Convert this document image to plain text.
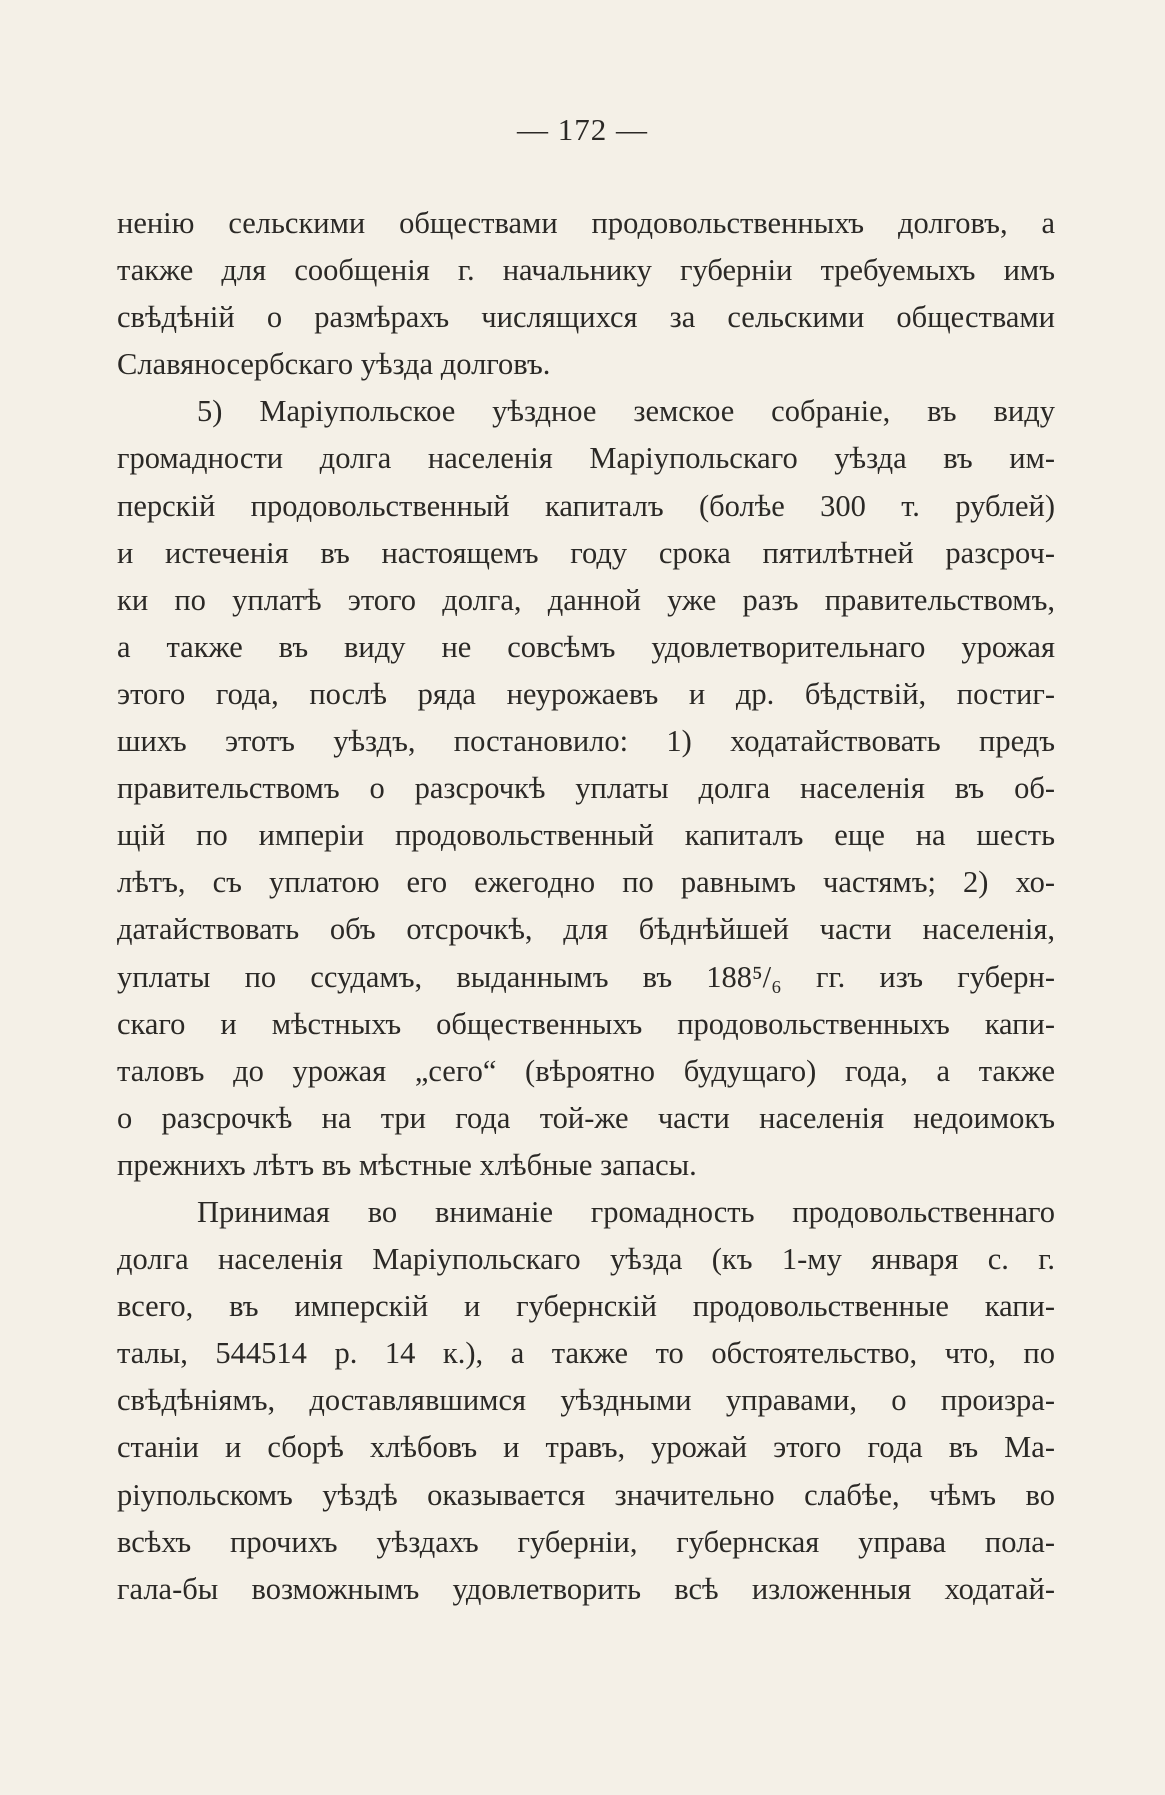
— 172 —
ненію сельскими обществами продовольственныхъ долговъ, а
также для сообщенія г. начальнику губерніи требуемыхъ имъ
свѣдѣній о размѣрахъ числящихся за сельскими обществами
Славяносербскаго уѣзда долговъ.
5) Маріупольское уѣздное земское собраніе, въ виду
громадности долга населенія Маріупольскаго уѣзда въ им-
перскій продовольственный капиталъ (болѣе 300 т. рублей)
и истеченія въ настоящемъ году срока пятилѣтней разсроч-
ки по уплатѣ этого долга, данной уже разъ правительствомъ,
а также въ виду не совсѣмъ удовлетворительнаго урожая
этого года, послѣ ряда неурожаевъ и др. бѣдствій, постиг-
шихъ этотъ уѣздъ, постановило: 1) ходатайствовать предъ
правительствомъ о разсрочкѣ уплаты долга населенія въ об-
щій по имперіи продовольственный капиталъ еще на шесть
лѣтъ, съ уплатою его ежегодно по равнымъ частямъ; 2) хо-
датайствовать объ отсрочкѣ, для бѣднѣйшей части населенія,
уплаты по ссудамъ, выданнымъ въ 188⁵/₆ гг. изъ губерн-
скаго и мѣстныхъ общественныхъ продовольственныхъ капи-
таловъ до урожая „сего“ (вѣроятно будущаго) года, а также
о разсрочкѣ на три года той-же части населенія недоимокъ
прежнихъ лѣтъ въ мѣстные хлѣбные запасы.
Принимая во вниманіе громадность продовольственнаго
долга населенія Маріупольскаго уѣзда (къ 1-му января с. г.
всего, въ имперскій и губернскій продовольственные капи-
талы, 544514 р. 14 к.), а также то обстоятельство, что, по
свѣдѣніямъ, доставлявшимся уѣздными управами, о произра-
станіи и сборѣ хлѣбовъ и травъ, урожай этого года въ Ма-
ріупольскомъ уѣздѣ оказывается значительно слабѣе, чѣмъ во
всѣхъ прочихъ уѣздахъ губерніи, губернская управа пола-
гала-бы возможнымъ удовлетворить всѣ изложенныя ходатай-
